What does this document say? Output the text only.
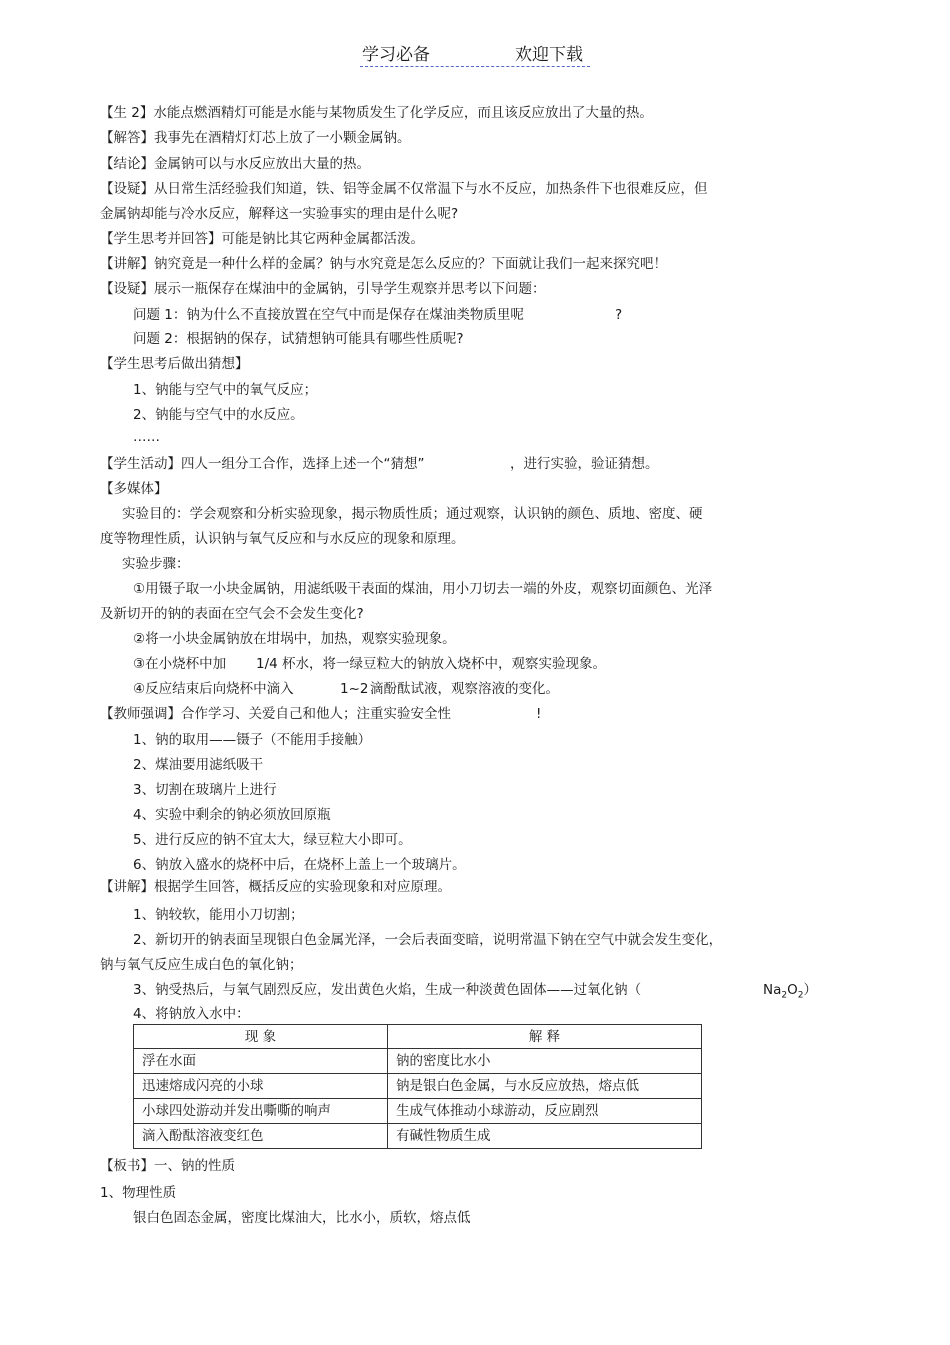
学习必备	欢迎下载
【生 2】水能点燃酒精灯可能是水能与某物质发生了化学反应，而且该反应放出了大量的热。
【解答】我事先在酒精灯灯芯上放了一小颗金属钠。
【结论】金属钠可以与水反应放出大量的热。
【设疑】从日常生活经验我们知道，铁、铝等金属不仅常温下与水不反应，加热条件下也很难反应，但
金属钠却能与冷水反应，解释这一实验事实的理由是什么呢?
【学生思考并回答】可能是钠比其它两种金属都活泼。
【讲解】钠究竟是一种什么样的金属？钠与水究竟是怎么反应的？下面就让我们一起来探究吧！
【设疑】展示一瓶保存在煤油中的金属钠，引导学生观察并思考以下问题：
问题 1：钠为什么不直接放置在空气中而是保存在煤油类物质里呢	?
问题 2：根据钠的保存，试猜想钠可能具有哪些性质呢?
【学生思考后做出猜想】
1、钠能与空气中的氧气反应；
2、钠能与空气中的水反应。
……
【学生活动】四人一组分工合作，选择上述一个“猜想”	，进行实验，验证猜想。
【多媒体】
实验目的：学会观察和分析实验现象，揭示物质性质；通过观察，认识钠的颜色、质地、密度、硬
度等物理性质，认识钠与氧气反应和与水反应的现象和原理。
实验步骤：
①用镊子取一小块金属钠，用滤纸吸干表面的煤油，用小刀切去一端的外皮，观察切面颜色、光泽
及新切开的钠的表面在空气会不会发生变化?
②将一小块金属钠放在坩埚中，加热，观察实验现象。
③在小烧杯中加 1/4 杯水，将一绿豆粒大的钠放入烧杯中，观察实验现象。
④反应结束后向烧杯中滴入	1~2 滴酚酞试液，观察溶液的变化。
【教师强调】合作学习、关爱自己和他人；注重实验安全性	!
1、钠的取用——镊子（不能用手接触）
2、煤油要用滤纸吸干
3、切割在玻璃片上进行
4、实验中剩余的钠必须放回原瓶
5、进行反应的钠不宜太大，绿豆粒大小即可。
6、钠放入盛水的烧杯中后，在烧杯上盖上一个玻璃片。
【讲解】根据学生回答，概括反应的实验现象和对应原理。
1、钠较软，能用小刀切割；
2、新切开的钠表面呈现银白色金属光泽，一会后表面变暗，说明常温下钠在空气中就会发生变化，
钠与氧气反应生成白色的氧化钠；
3、钠受热后，与氧气剧烈反应，发出黄色火焰，生成一种淡黄色固体——过氧化钠（	$Na_2O_2$）
4、将钠放入水中：
现 象	解 释
浮在水面	钠的密度比水小
迅速熔成闪亮的小球	钠是银白色金属，与水反应放热，熔点低
小球四处游动并发出嘶嘶的响声	生成气体推动小球游动，反应剧烈
滴入酚酞溶液变红色	有碱性物质生成
【板书】一、钠的性质
1、物理性质
银白色固态金属，密度比煤油大，比水小，质软，熔点低
